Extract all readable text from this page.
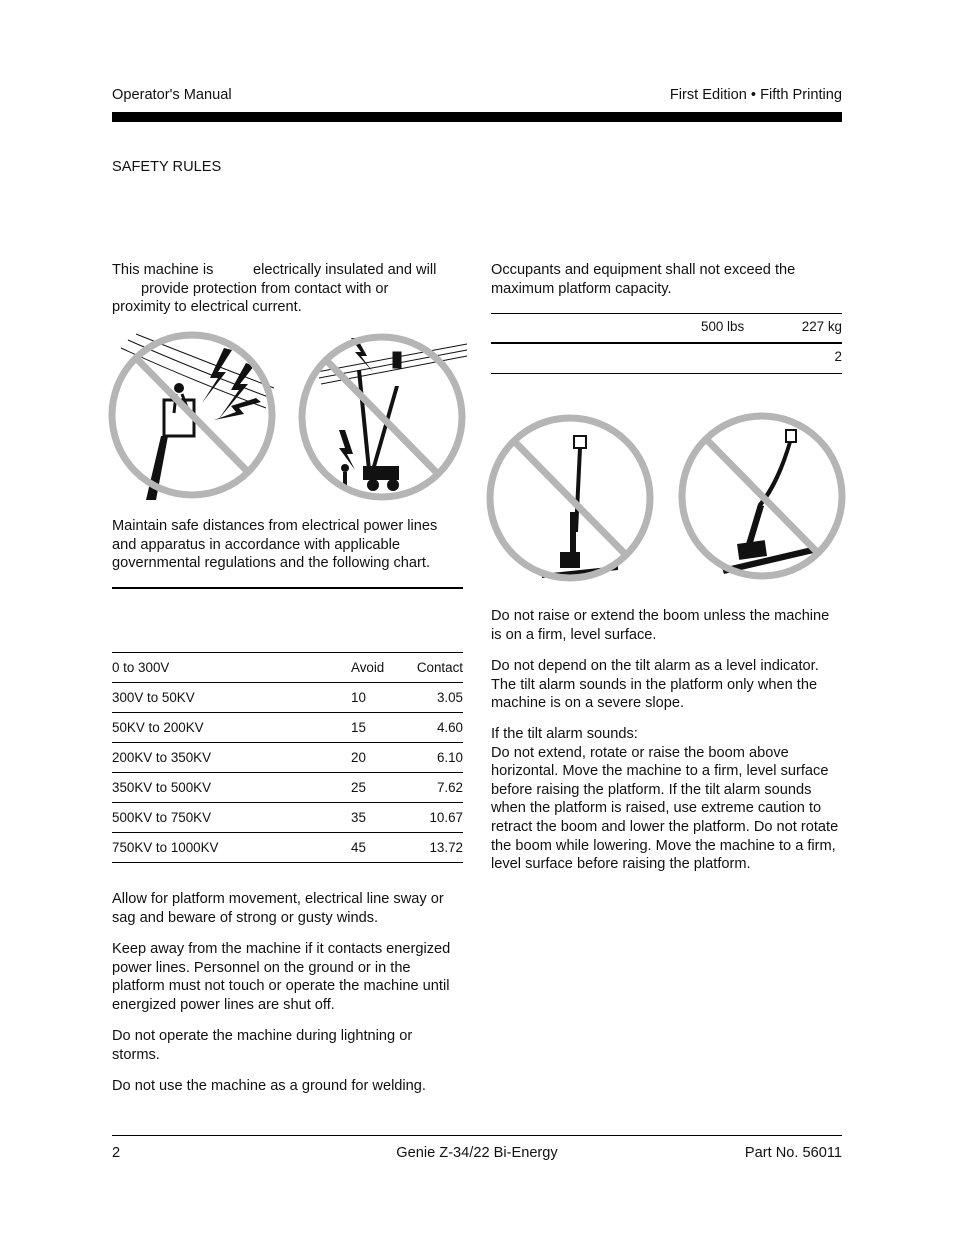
Operator's Manual	First Edition • Fifth Printing
SAFETY RULES
This machine is	electrically insulated and will
provide protection from contact with or
proximity to electrical current.
Maintain safe distances from electrical power lines and apparatus in accordance with applicable governmental regulations and the following chart.
0 to 300V	Avoid Contact
300V to 50KV	10	3.05
50KV to 200KV	15	4.60
200KV to 350KV	20	6.10
350KV to 500KV	25	7.62
500KV to 750KV	35	10.67
750KV to 1000KV	45	13.72
Allow for platform movement, electrical line sway or sag and beware of strong or gusty winds.
Keep away from the machine if it contacts energized power lines. Personnel on the ground or in the platform must not touch or operate the machine until energized power lines are shut off.
Do not operate the machine during lightning or storms.
Do not use the machine as a ground for welding.
Occupants and equipment shall not exceed the maximum platform capacity.
500 lbs	227 kg
2
Do not raise or extend the boom unless the machine is on a firm, level surface.
Do not depend on the tilt alarm as a level indicator. The tilt alarm sounds in the platform only when the machine is on a severe slope.
If the tilt alarm sounds:
Do not extend, rotate or raise the boom above horizontal. Move the machine to a firm, level surface before raising the platform. If the tilt alarm sounds when the platform is raised, use extreme caution to retract the boom and lower the platform. Do not rotate the boom while lowering. Move the machine to a firm, level surface before raising the platform.
2	Genie Z-34/22 Bi-Energy	Part No. 56011
